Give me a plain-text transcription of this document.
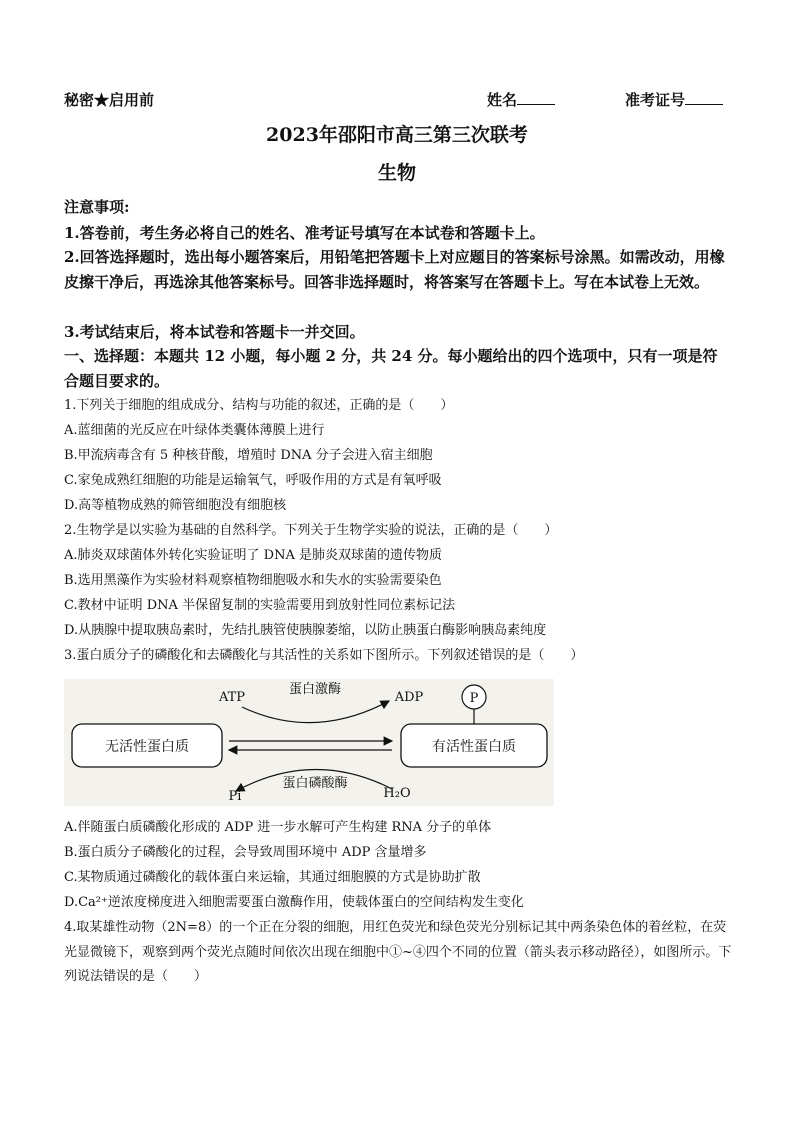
秘密★启用前	姓名	准考证号
2023年邵阳市高三第三次联考
生物
注意事项:
1.答卷前，考生务必将自己的姓名、准考证号填写在本试卷和答题卡上。
2.回答选择题时，选出每小题答案后，用铅笔把答题卡上对应题目的答案标号涂黑。如需改动，用橡皮擦干净后，再选涂其他答案标号。回答非选择题时，将答案写在答题卡上。写在本试卷上无效。
3.考试结束后，将本试卷和答题卡一并交回。
一、选择题：本题共 12 小题，每小题 2 分，共 24 分。每小题给出的四个选项中，只有一项是符合题目要求的。
1.下列关于细胞的组成成分、结构与功能的叙述，正确的是（　　）
A.蓝细菌的光反应在叶绿体类囊体薄膜上进行
B.甲流病毒含有 5 种核苷酸，增殖时 DNA 分子会进入宿主细胞
C.家兔成熟红细胞的功能是运输氧气，呼吸作用的方式是有氧呼吸
D.高等植物成熟的筛管细胞没有细胞核
2.生物学是以实验为基础的自然科学。下列关于生物学实验的说法，正确的是（　　）
A.肺炎双球菌体外转化实验证明了 DNA 是肺炎双球菌的遗传物质
B.选用黑藻作为实验材料观察植物细胞吸水和失水的实验需要染色
C.教材中证明 DNA 半保留复制的实验需要用到放射性同位素标记法
D.从胰腺中提取胰岛素时，先结扎胰管使胰腺萎缩，以防止胰蛋白酶影响胰岛素纯度
3.蛋白质分子的磷酸化和去磷酸化与其活性的关系如下图所示。下列叙述错误的是（　　）
无活性蛋白质	有活性蛋白质
ATP	ADP
蛋白激酶
蛋白磷酸酶
Pi	H₂O
P
A.伴随蛋白质磷酸化形成的 ADP 进一步水解可产生构建 RNA 分子的单体
B.蛋白质分子磷酸化的过程，会导致周围环境中 ADP 含量增多
C.某物质通过磷酸化的载体蛋白来运输，其通过细胞膜的方式是协助扩散
D.Ca²⁺逆浓度梯度进入细胞需要蛋白激酶作用，使载体蛋白的空间结构发生变化
4.取某雄性动物（2N=8）的一个正在分裂的细胞，用红色荧光和绿色荧光分别标记其中两条染色体的着丝粒，在荧光显微镜下，观察到两个荧光点随时间依次出现在细胞中①~④四个不同的位置（箭头表示移动路径），如图所示。下列说法错误的是（　　）
